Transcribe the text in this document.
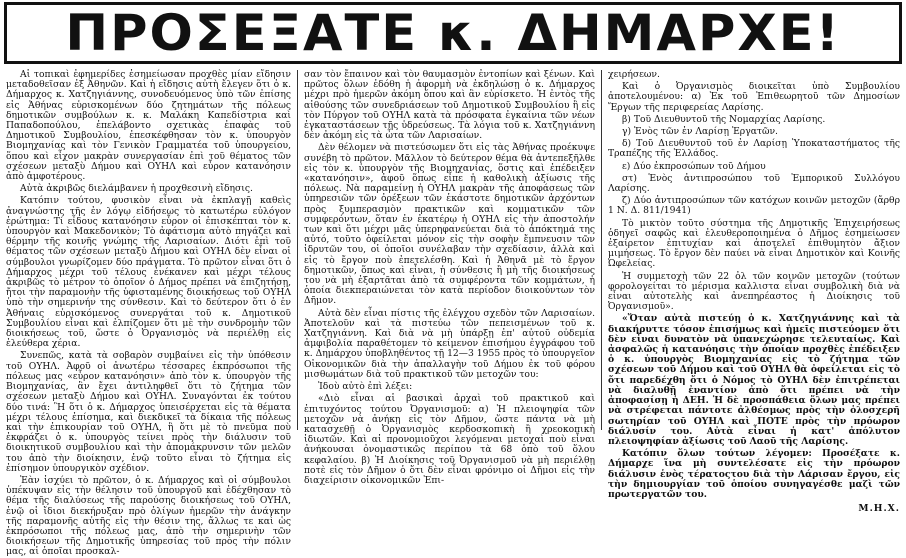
ΠΡΟΣΕΞΑΤΕ κ. ΔΗΜΑΡΧΕ!

Αἱ τοπικαὶ ἐφημερίδες ἐσημείωσαν προχθὲς μίαν εἴδησιν μεταδοθεῖσαν ἐξ Ἀθηνῶν. Καὶ ἡ εἴδησις αὐτὴ ἔλεγεν ὅτι ὁ κ. Δήμαρχος κ. Χατζηγιάννης, συνοδευόμενος ὑπὸ τῶν ἐπίσης εἰς Ἀθήνας εὑρισκομένων δύο ζητημάτων τῆς πόλεως δημοτικῶν συμβούλων κ. κ. Μαλάκη Καπεδίστρια καὶ Παπαδοπούλου, ἐπελάβοντο σχετικὰς ἐπαφὰς τοῦ Δημοτικοῦ Συμβουλίου, ἐπεσκέφθησαν τὸν κ. ὑπουργὸν Βιομηχανίας καὶ τὸν Γενικὸν Γραμματέα τοῦ ὑπουργείου, ὅπου καὶ εἶχον μακρὰν συνεργασίαν ἐπὶ τοῦ θέματος τῶν σχέσεων μεταξὺ Δήμου καὶ ΟΥΗΛ καὶ εὗρον κατανόησιν ἀπὸ ἀμφοτέρους.

Αὐτὰ ἀκριβῶς διελάμβανεν ἡ προχθεσινὴ εἴδησις.

Κατόπιν τούτου, φυσικὸν εἶναι νὰ ἐκπλαγῇ καθεὶς ἀναγνώστης τῆς ἐν λόγῳ εἰδήσεως τὸ κατωτέρω εὐλόγον ἐρώτημα: Τί εἶδους κατανόησιν εὗρον οἱ ἐπισκέπται τὸν κ. ὑπουργὸν καὶ Μακεδονικὸν; Τὸ ἀφάτισμα αὐτὸ πηγάζει καὶ θέρμην τῆς κοινῆς γνώμης τῆς Λαρισαίων. Διότι ἐπὶ τοῦ θέματος τῶν σχέσεων μεταξὺ Δήμου καὶ ΟΥΗΛ δὲν εἶναι οἱ σύμβουλοι γνωρίζομεν δύο πράγματα. Τὸ πρῶτον εἶναι ὅτι ὁ Δήμαρχος μέχρι τοῦ τέλους ἐνέκανεν καὶ μέχρι τέλους ἀκριβῶς τὸ μέτρον τὸ ὁποῖον ὁ Δήμος πρέπει νὰ ἐπιζητήσῃ, ἤτοι τὴν παραμονὴν τῆς ὑφισταμένης διοικήσεως τοῦ ΟΥΗΛ ὑπὸ τὴν σημερινήν της σύνθεσιν. Καὶ τὸ δεύτερον ὅτι ὁ ἐν Ἀθήναις εὑρισκόμενος συνεργάται τοῦ κ. Δημοτικοῦ Συμβουλίου εἶναι καὶ ἐλπίζομεν ὅτι μὲ τὴν συνδρομὴν τῶν διοικήσεως τοῦ, ὥστε ὁ Ὀργανισμὸς νὰ περιέλθῃ εἰς ἐλεύθερα χέρια.

Συνεπῶς, κατὰ τὰ σοβαρὸν συμβαίνει εἰς τὴν ὑπόθεσιν τοῦ ΟΥΗΛ. Ἀφοῦ οἱ ἀνωτέρω τέσσαρες ἐκπρόσωποι τῆς πόλεως μας «εὗρον κατανόησιν» ἀπὸ τὸν κ. ὑπουργὸν τῆς Βιομηχανίας, ἂν ἔχει ἀντιληφθεῖ ὅτι τὸ ζήτημα τῶν σχέσεων μεταξὺ Δήμου καὶ ΟΥΗΛ. Συναγόνται ἐκ τούτου δύο τινά: Ἢ ὅτι ὁ κ. Δήμαρχος ὑπεισέρχεται εἰς τὰ θέματα μέχρι τέλους ἐπίσημα, καὶ διεκδικεῖ τὰ δίκαια τῆς πόλεως καὶ τὴν ἐπικουρίαν τοῦ ΟΥΗΛ, ἢ ὅτι μὲ τὸ πνεῦμα ποὺ ἐκφράζει ὁ κ. ὑπουργὸς τείνει πρὸς τὴν διάλυσιν τοῦ διοικητικοῦ συμβουλίου καὶ τὴν ἀπομάκρυνσιν τῶν μελῶν του ἀπὸ τὴν διοίκησιν, ἐνῷ τοῦτο εἶναι τὸ ζήτημα εἰς ἐπίσημον ὑπουργικὸν σχέδιον.

Ἐὰν ἰσχύει τὸ πρῶτον, ὁ κ. Δήμαρχος καὶ οἱ σύμβουλοι ὑπέκυψαν εἰς τὴν θέλησιν τοῦ ὑπουργοῦ καὶ ἐδέχθησαν τὸ θέμα τῆς διαλύσεως τῆς παρούσης διοικήσεως τοῦ ΟΥΗΛ, ἐνῷ οἱ ἴδιοι διεκήρυξαν πρὸ ὀλίγων ἡμερῶν τὴν ἀνάγκην τῆς παραμονῆς αὐτῆς εἰς τὴν θέσιν της, ἄλλως τε καὶ ὡς ἐκπρόσωποι τῆς πόλεως μας, ἀπὸ τὴν σημερινὴν τῶν διοικήσεων τῆς Δημοτικῆς ὑπηρεσίας τοῦ πρὸς τὴν πόλιν μας, αἱ ὁποῖαι προσκαλ-

σαν τὸν ἔπαινον καὶ τὸν θαυμασμὸν ἐντοπίων καὶ ξένων. Καὶ πρῶτος ὅλων ἐδόθη ἡ ἀφορμὴ νὰ ἐκδηλώσῃ ὁ κ. Δήμαρχος μέχρι πρὸ ἡμερῶν ἀκόμη ὅπου καὶ ἂν εὑρίσκετο. Ἡ ἐντὸς τῆς αἰθούσης τῶν συνεδριάσεων τοῦ Δημοτικοῦ Συμβουλίου ἢ εἰς τὸν Πύργον τοῦ ΟΥΗΛ κατὰ τὰ πρόσφατα ἐγκαίνια τῶν νέων ἐγκαταστάσεων τῆς ὑδρεύσεως. Τὰ λόγια τοῦ κ. Χατζηγιάννη δὲν ἀκόμη εἰς τὰ ὦτα τῶν Λαρισαίων.

Δὲν θέλομεν νὰ πιστεύσωμεν ὅτι εἰς τὰς Ἀθήνας προέκυψε συνέβη τὸ πρῶτον. Μᾶλλον τὸ δεύτερον θέμα θὰ ἀντεπεξῆλθε εἰς τὸν κ. ὑπουργὸν τῆς Βιομηχανίας, ὅστις καὶ ἐπέδειξεν «κατανόησιν», ἀφοῦ ὅπως εἶπε ἡ καθολικὴ ἀξίωσις τῆς πόλεως. Νὰ παραμείνῃ ἡ ΟΥΗΛ μακρὰν τῆς ἀποφάσεως τῶν ὑπηρεσιῶν τῶν ὀρέξεων τῶν ἑκάστοτε δημοτικῶν ἀρχόντων πρὸς ξυμπερασμὸν πρακτικῶν καὶ κομματικῶν τῶν συμφερόντων, ὅταν ἐν ἐκατέρῳ ἡ ΟΥΗΛ εἰς τὴν ἀποστολήν των καὶ ὅτι μέχρι μᾶς ὑπερηφανεύεται διὰ τὸ ἀπόκτημά της αὐτό, τοῦτο ὀφείλεται μόνον εἰς τὴν σοφὴν ἔμπνευσιν τῶν ἱδρυτῶν του, οἱ ὁποῖοι συνέλαβαν τὴν σχεδίασιν, ἀλλὰ καὶ εἰς τὸ ἔργον ποὺ ἐπετελέσθη. Καὶ ἡ Ἀθηνᾶ μὲ τὸ ἔργον δημοτικῶν, ὅπως καὶ εἶναι, ἡ σύνθεσις ἢ μὴ τῆς διοικήσεως του νὰ μὴ ἐξαρτᾶται ἀπὸ τὰ συμφέροντα τῶν κομμάτων, ἡ ὁποία διεκπεραιώνεται τὸν κατὰ περίοδον διοικούντων τὸν Δῆμον.

Αὐτὰ δὲν εἶναι πίστις τῆς ἐλέγχου σχεδὸν τῶν Λαρισαίων. Ἀποτελοῦν καὶ τὰ πιστεύω τῶν πεπεισμένων τοῦ κ. Χατζηγιάννη. Καὶ διὰ νὰ μὴ ὑπάρξῃ ἐπ' αὐτοῦ οὐδεμία ἀμφιβολία παραθέτομεν τὸ κείμενον ἐπισήμου ἐγγράφου τοῦ κ. Δημάρχου ὑποβληθέντος τῇ 12—3 1955 πρὸς τὸ ὑπουργεῖον Οἰκονομικῶν διὰ τὴν ἀπαλλαγὴν τοῦ Δήμου ἐκ τοῦ φόρου μισθωμάτων διὰ τοῦ πρακτικοῦ τῶν μετοχῶν του:

Ἰδοὺ αὐτὸ ἐπὶ λέξει:

«Διὸ εἶναι αἱ βασικαὶ ἀρχαὶ τοῦ πρακτικοῦ καὶ ἐπιτυχόντος τούτου Ὀργανισμοῦ: α) Ἡ πλειοψηφία τῶν μετοχῶν νὰ ἀνήκῃ εἰς τὸν Δῆμον, ὥστε πάντα νὰ μὴ κατασχεθῇ ὁ Ὀργανισμὸς κερδοσκοπικὴ ἢ χρεοκοπικὴ ἰδιωτῶν. Καὶ αἱ προνομιοῦχοι λεγόμεναι μετοχαὶ ποὺ εἶναι ἀνήκουσαι ὀνομαστικῶς περίπου τὰ 68 ὁπὸ τοῦ ὅλου κεφαλαίου. β) Ἡ Διοίκησις τοῦ Ὀργανισμοῦ νὰ μὴ περιέλθῃ ποτὲ εἰς τὸν Δῆμον ὁ ὅτι δὲν εἶναι φρόνιμο οἱ Δῆμοι εἰς τὴν διαχείρισιν οἰκονομικῶν Ἐπι-

χειρήσεων.

Καὶ ὁ Ὀργανισμὸς διοικεῖται ὑπὸ Συμβουλίου ἀποτελουμένου: α) Ἐκ τοῦ Ἐπιθεωρητοῦ τῶν Δημοσίων Ἔργων τῆς περιφερείας Λαρίσης.

β) Τοῦ Διευθυντοῦ τῆς Νομαρχίας Λαρίσης.

γ) Ἑνὸς τῶν ἐν Λαρίσῃ Ἐργατῶν.

δ) Τοῦ Διευθυντοῦ τοῦ ἐν Λαρίσῃ Ὑποκαταστήματος τῆς Τραπέζης τῆς Ἑλλάδος.

ε) Δύο ἐκπροσώπων τοῦ Δήμου

στ) Ἑνὸς ἀντιπροσώπου τοῦ Ἐμπορικοῦ Συλλόγου Λαρίσης.

ζ) Δύο ἀντιπροσώπων τῶν κατόχων κοινῶν μετοχῶν (ἄρθρ 1 Ν. Δ. 811/1941)

Τὸ μικτὸν τοῦτο σύστημα τῆς Δημοτικῆς Ἐπιχειρήσεως ὁδηγεῖ σαφῶς καὶ ἐλευθεροποιημένα ὁ Δῆμος ἐσημείωσεν ἐξαίρετον ἐπιτυχίαν καὶ ἀποτελεῖ ἐπιθυμητὸν ἄξιον μιμήσεως. Τὸ ἔργον δὲν παύει νὰ εἶναι Δημοτικὸν καὶ Κοινῆς Ὠφελείας.

Ἡ συμμετοχὴ τῶν 22 ὀλ τῶν κοινῶν μετοχῶν (τούτων φορολογείται τὸ μέρισμα καλλιστα εἶναι συμβολικὴ διὰ νὰ εἶναι αὐτοτελὴς καὶ ἀνεπηρέαστος ἡ Διοίκησις τοῦ Ὀργανισμοῦ».

«Ὅταν αὐτὰ πιστεύῃ ὁ κ. Χατζηγιάννης καὶ τὰ διακήρυττε τόσον ἐπισήμως καὶ ἡμεῖς πιστεύομεν ὅτι δὲν εἶναι δυνατὸν νὰ ὑπανεχώρησε τελευταίως. Καὶ ἀσφαλῶς ἡ κατανόησις τὴν ὁποίαν προχθὲς ἐπέδειξεν ὁ κ. ὑπουργὸς Βιομηχανίας εἰς τὸ ζήτημα τῶν σχέσεων τοῦ Δήμου καὶ τοῦ ΟΥΗΛ θὰ ὀφείλεται εἰς τὸ ὅτι παρεδέχθη ὅτι ὁ Νόμος τὸ ΟΥΗΛ δὲν ἐπιτρέπεται νὰ διαλυθῇ ἐναντίον ἀπὸ ὅτι πρέπει νὰ τὴν ἀποφασίσῃ ἡ ΔΕΗ. Ἡ δὲ προσπάθεια ὅλων μας πρέπει νὰ στρέφεται πάντοτε ἀλθέσμως πρὸς τὴν ὁλοσχερῆ σωτηρίαν τοῦ ΟΥΗΛ καὶ ΠΟΤΕ πρὸς τὴν πρόωρον διάλυσίν του. Αὐτὰ εἶναι ἡ κατ' ἀπόλυτον πλειοψηφίαν ἀξίωσις τοῦ Λαοῦ τῆς Λαρίσης.

Κατόπιν ὅλων τούτων λέγομεν: Προσέξατε κ. Δήμαρχε ἵνα μὴ συντελέσατε εἰς τὴν πρόωρον διάλυσιν ἑνὸς τέρατοςτου διὰ τὴν Λάρισαν ἔργου, εἰς τὴν δημιουργίαν τοῦ ὁποίου συνηγαγέσθε μαζὶ τῶν πρωτεργατῶν του.

Μ.Η.Χ.
